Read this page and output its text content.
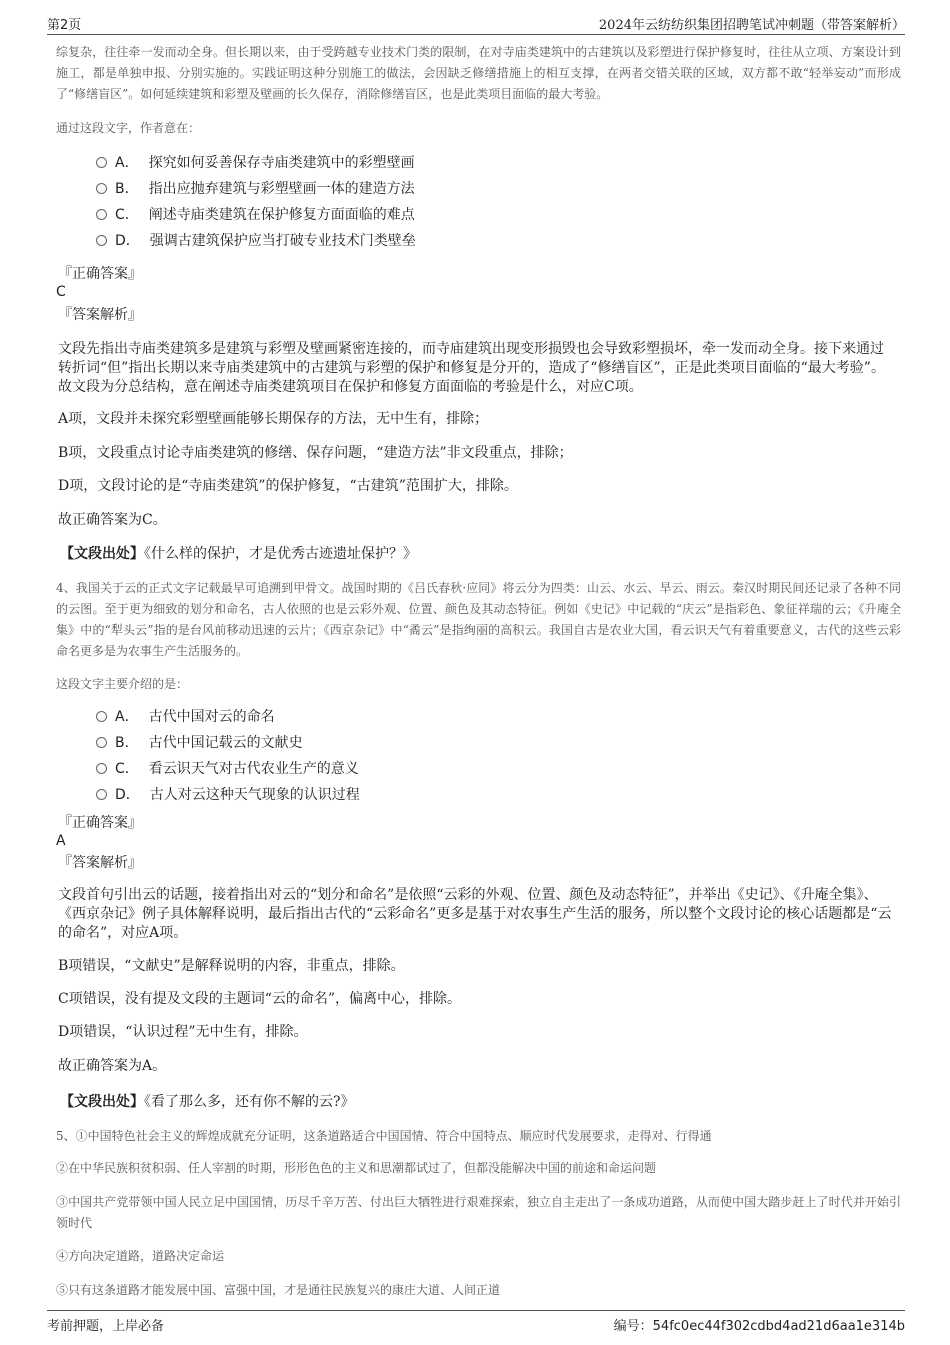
第2页	2024年云纺纺织集团招聘笔试冲刺题（带答案解析）

综复杂，往往牵一发而动全身。但长期以来，由于受跨越专业技术门类的限制，在对寺庙类建筑中的古建筑以及彩塑进行保护修复时，往往从立项、方案设计到施工，都是单独申报、分别实施的。实践证明这种分别施工的做法，会因缺乏修缮措施上的相互支撑，在两者交错关联的区域，双方都不敢“轻举妄动”而形成了“修缮盲区”。如何延续建筑和彩塑及壁画的长久保存，消除修缮盲区，也是此类项目面临的最大考验。

通过这段文字，作者意在：

A． 探究如何妥善保存寺庙类建筑中的彩塑壁画
B． 指出应抛弃建筑与彩塑壁画一体的建造方法
C． 阐述寺庙类建筑在保护修复方面面临的难点
D． 强调古建筑保护应当打破专业技术门类壁垒
『正确答案』
C
『答案解析』

文段先指出寺庙类建筑多是建筑与彩塑及壁画紧密连接的，而寺庙建筑出现变形损毁也会导致彩塑损坏，牵一发而动全身。接下来通过转折词“但”指出长期以来寺庙类建筑中的古建筑与彩塑的保护和修复是分开的，造成了“修缮盲区”，正是此类项目面临的“最大考验”。故文段为分总结构，意在阐述寺庙类建筑项目在保护和修复方面面临的考验是什么，对应C项。

A项，文段并未探究彩塑壁画能够长期保存的方法，无中生有，排除；

B项，文段重点讨论寺庙类建筑的修缮、保存问题，“建造方法”非文段重点，排除；

D项，文段讨论的是“寺庙类建筑”的保护修复，“古建筑”范围扩大，排除。

故正确答案为C。

【文段出处】《什么样的保护，才是优秀古迹遗址保护？》

4、我国关于云的正式文字记载最早可追溯到甲骨文。战国时期的《吕氏春秋·应同》将云分为四类：山云、水云、旱云、雨云。秦汉时期民间还记录了各种不同的云图。至于更为细致的划分和命名，古人依照的也是云彩外观、位置、颜色及其动态特征。例如《史记》中记载的“庆云”是指彩色、象征祥瑞的云；《升庵全集》中的“犁头云”指的是台风前移动迅速的云片；《西京杂记》中“矞云”是指绚丽的高积云。我国自古是农业大国，看云识天气有着重要意义，古代的这些云彩命名更多是为农事生产生活服务的。

这段文字主要介绍的是：

A． 古代中国对云的命名
B． 古代中国记载云的文献史
C． 看云识天气对古代农业生产的意义
D． 古人对云这种天气现象的认识过程
『正确答案』
A
『答案解析』

文段首句引出云的话题，接着指出对云的“划分和命名”是依照“云彩的外观、位置、颜色及动态特征”，并举出《史记》、《升庵全集》、《西京杂记》例子具体解释说明，最后指出古代的“云彩命名”更多是基于对农事生产生活的服务，所以整个文段讨论的核心话题都是“云的命名”，对应A项。

B项错误，“文献史”是解释说明的内容，非重点，排除。

C项错误，没有提及文段的主题词“云的命名”，偏离中心，排除。

D项错误，“认识过程”无中生有，排除。

故正确答案为A。

【文段出处】《看了那么多，还有你不解的云?》

5、①中国特色社会主义的辉煌成就充分证明，这条道路适合中国国情、符合中国特点、顺应时代发展要求，走得对、行得通

②在中华民族积贫积弱、任人宰割的时期，形形色色的主义和思潮都试过了，但都没能解决中国的前途和命运问题

③中国共产党带领中国人民立足中国国情，历尽千辛万苦、付出巨大牺牲进行艰难探索，独立自主走出了一条成功道路，从而使中国大踏步赶上了时代并开始引领时代

④方向决定道路，道路决定命运

⑤只有这条道路才能发展中国、富强中国，才是通往民族复兴的康庄大道、人间正道

考前押题，上岸必备	编号：54fc0ec44f302cdbd4ad21d6aa1e314b
